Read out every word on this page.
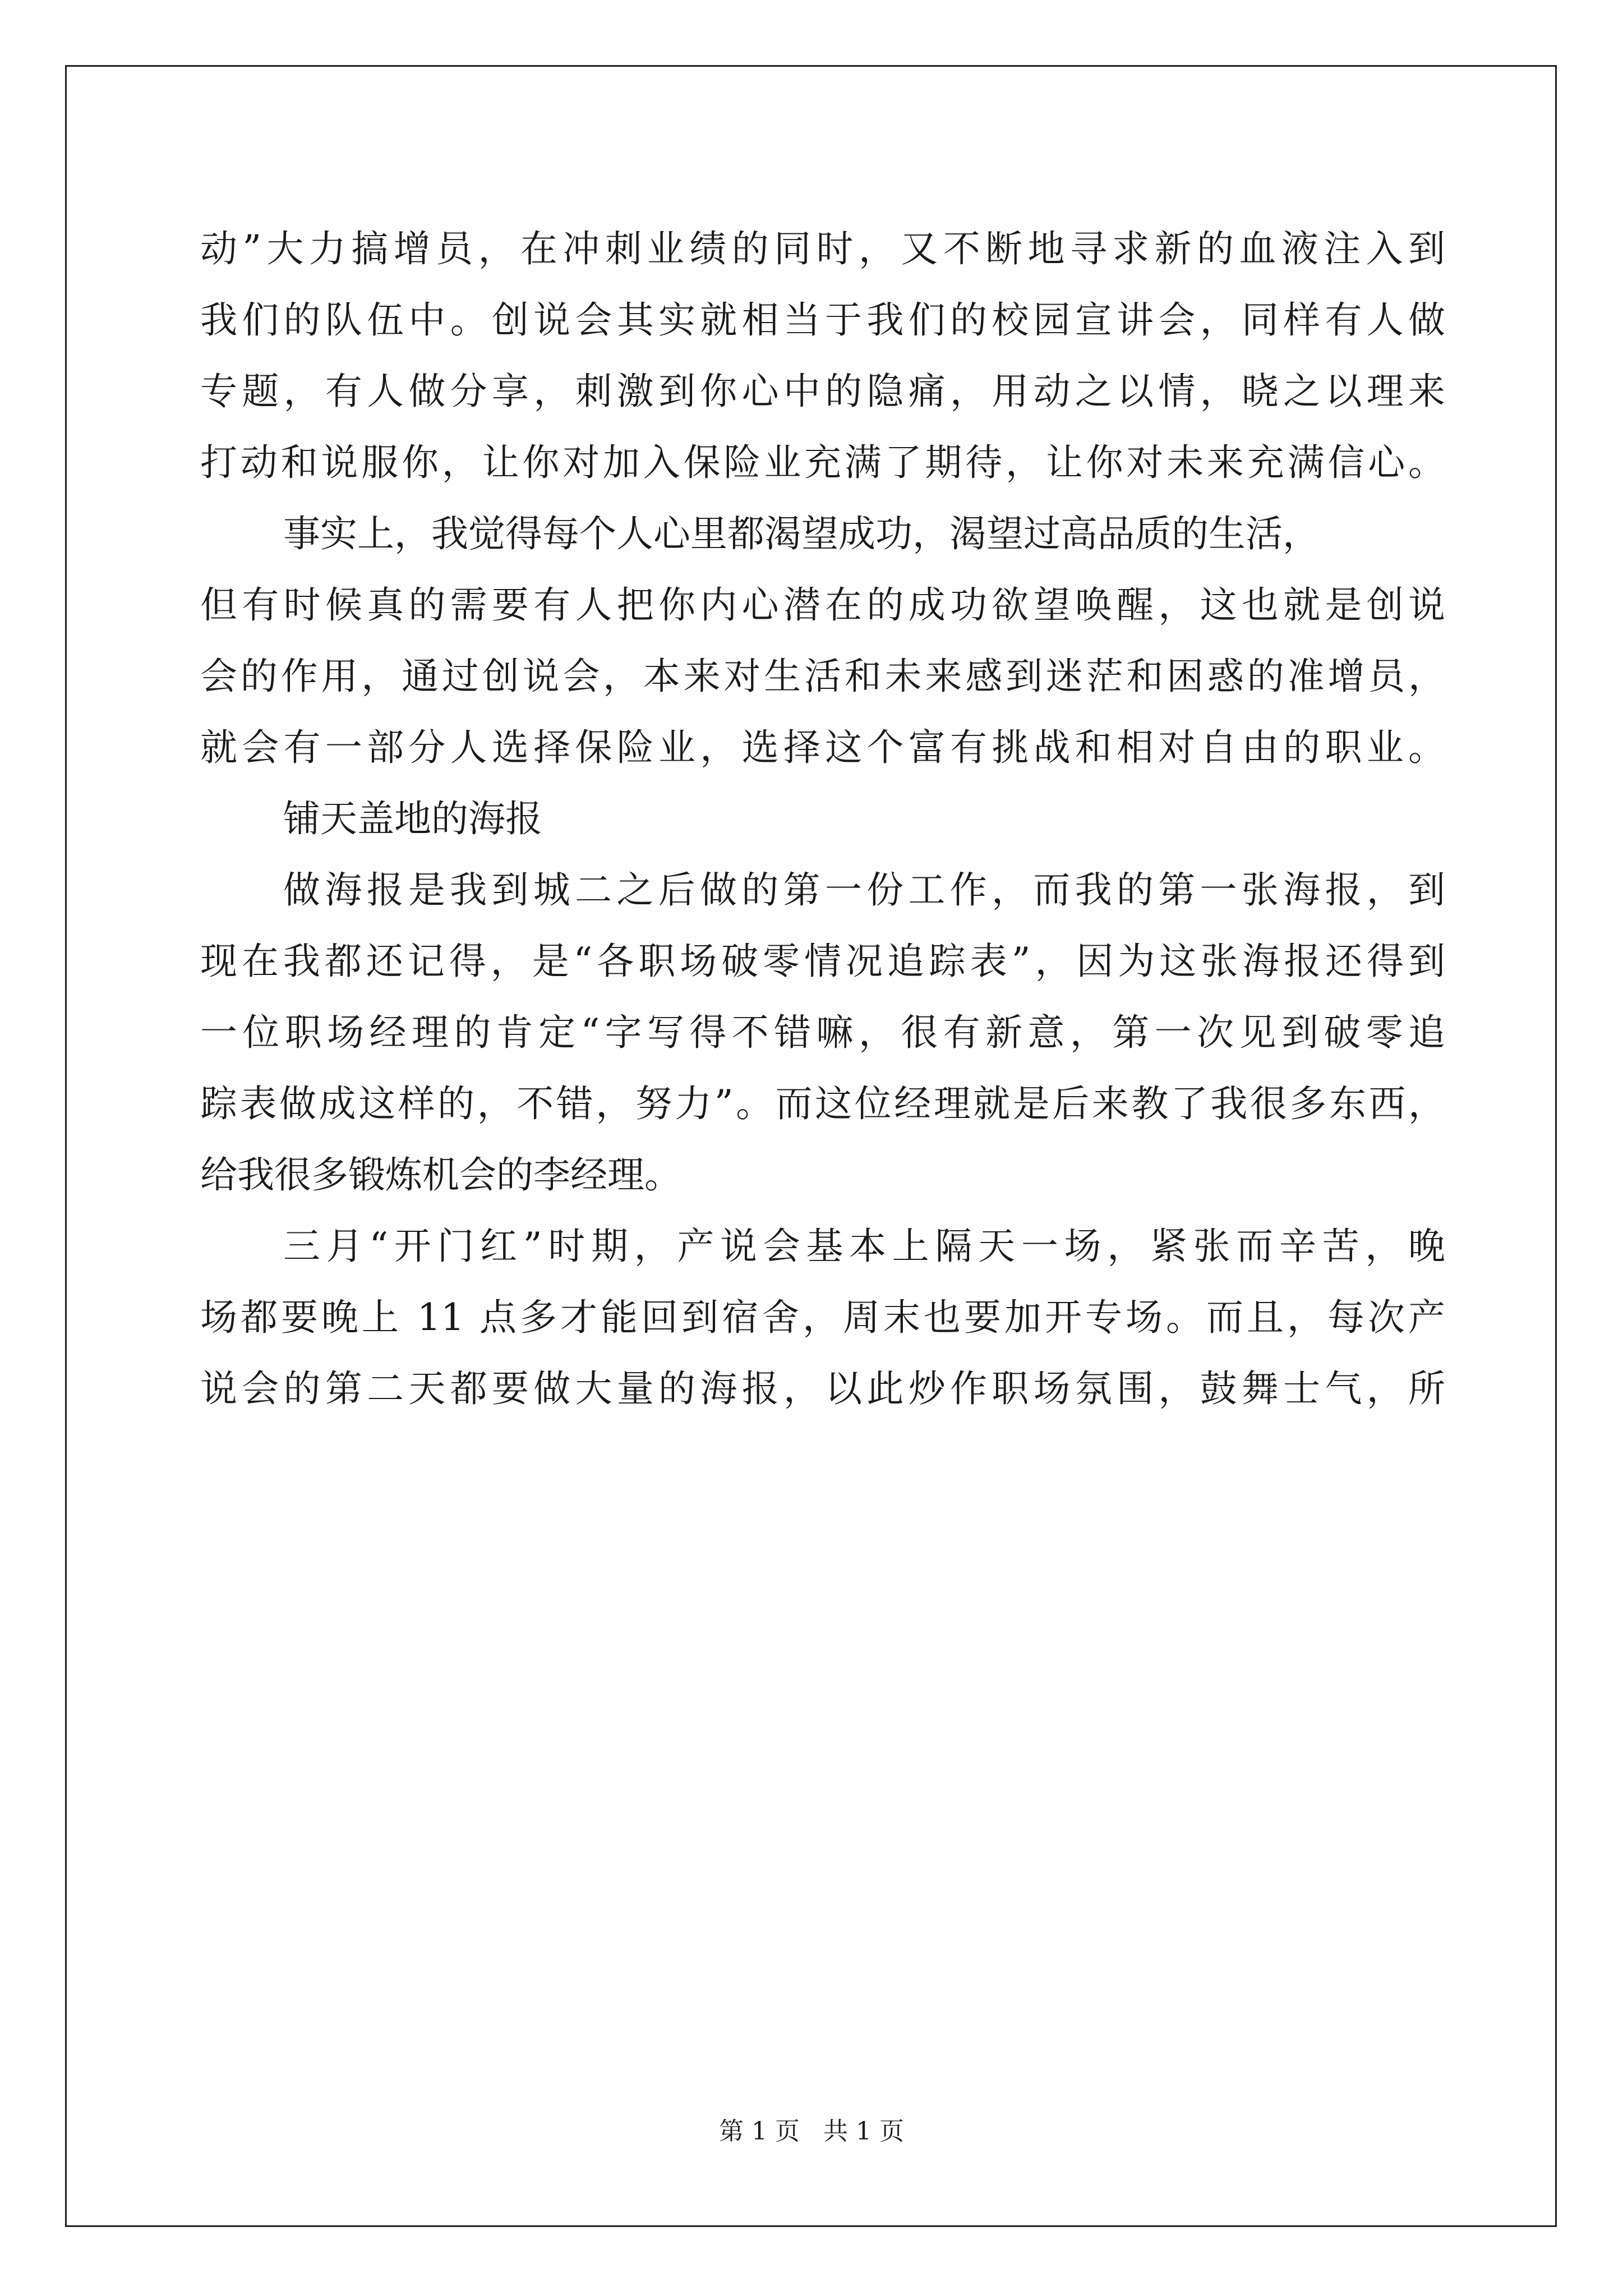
动”大力搞增员，在冲刺业绩的同时，又不断地寻求新的血液注入到
我们的队伍中。创说会其实就相当于我们的校园宣讲会，同样有人做
专题，有人做分享，刺激到你心中的隐痛，用动之以情，晓之以理来
打动和说服你，让你对加入保险业充满了期待，让你对未来充满信心。
事实上，我觉得每个人心里都渴望成功，渴望过高品质的生活，
但有时候真的需要有人把你内心潜在的成功欲望唤醒，这也就是创说
会的作用，通过创说会，本来对生活和未来感到迷茫和困惑的准增员，
就会有一部分人选择保险业，选择这个富有挑战和相对自由的职业。
铺天盖地的海报
做海报是我到城二之后做的第一份工作，而我的第一张海报，到
现在我都还记得，是“各职场破零情况追踪表”，因为这张海报还得到
一位职场经理的肯定“字写得不错嘛，很有新意，第一次见到破零追
踪表做成这样的，不错，努力”。而这位经理就是后来教了我很多东西，
给我很多锻炼机会的李经理。
三月“开门红”时期，产说会基本上隔天一场，紧张而辛苦，晚
场都要晚上 11 点多才能回到宿舍，周末也要加开专场。而且，每次产
说会的第二天都要做大量的海报，以此炒作职场氛围，鼓舞士气，所
第 1 页 共 1 页
